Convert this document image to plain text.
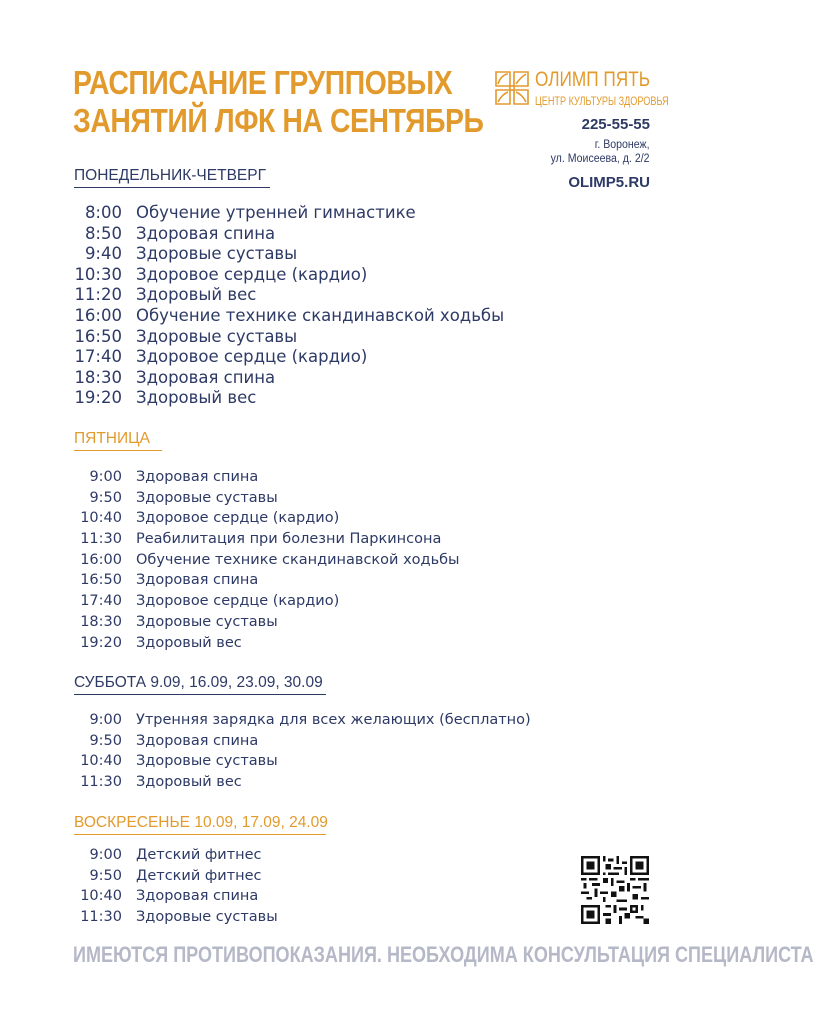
РАСПИСАНИЕ ГРУППОВЫХ
ЗАНЯТИЙ ЛФК НА СЕНТЯБРЬ
ОЛИМП ПЯТЬ
ЦЕНТР КУЛЬТУРЫ ЗДОРОВЬЯ
225-55-55
г. Воронеж,
ул. Моисеева, д. 2/2
OLIMP5.RU
ПОНЕДЕЛЬНИК-ЧЕТВЕРГ
8:00 Обучение утренней гимнастике
8:50 Здоровая спина
9:40 Здоровые суставы
10:30 Здоровое сердце (кардио)
11:20 Здоровый вес
16:00 Обучение технике скандинавской ходьбы
16:50 Здоровые суставы
17:40 Здоровое сердце (кардио)
18:30 Здоровая спина
19:20 Здоровый вес
ПЯТНИЦА
9:00 Здоровая спина
9:50 Здоровые суставы
10:40 Здоровое сердце (кардио)
11:30 Реабилитация при болезни Паркинсона
16:00 Обучение технике скандинавской ходьбы
16:50 Здоровая спина
17:40 Здоровое сердце (кардио)
18:30 Здоровые суставы
19:20 Здоровый вес
СУББОТА 9.09, 16.09, 23.09, 30.09
9:00 Утренняя зарядка для всех желающих (бесплатно)
9:50 Здоровая спина
10:40 Здоровые суставы
11:30 Здоровый вес
ВОСКРЕСЕНЬЕ 10.09, 17.09, 24.09
9:00 Детский фитнес
9:50 Детский фитнес
10:40 Здоровая спина
11:30 Здоровые суставы
ИМЕЮТСЯ ПРОТИВОПОКАЗАНИЯ. НЕОБХОДИМА КОНСУЛЬТАЦИЯ СПЕЦИАЛИСТА
